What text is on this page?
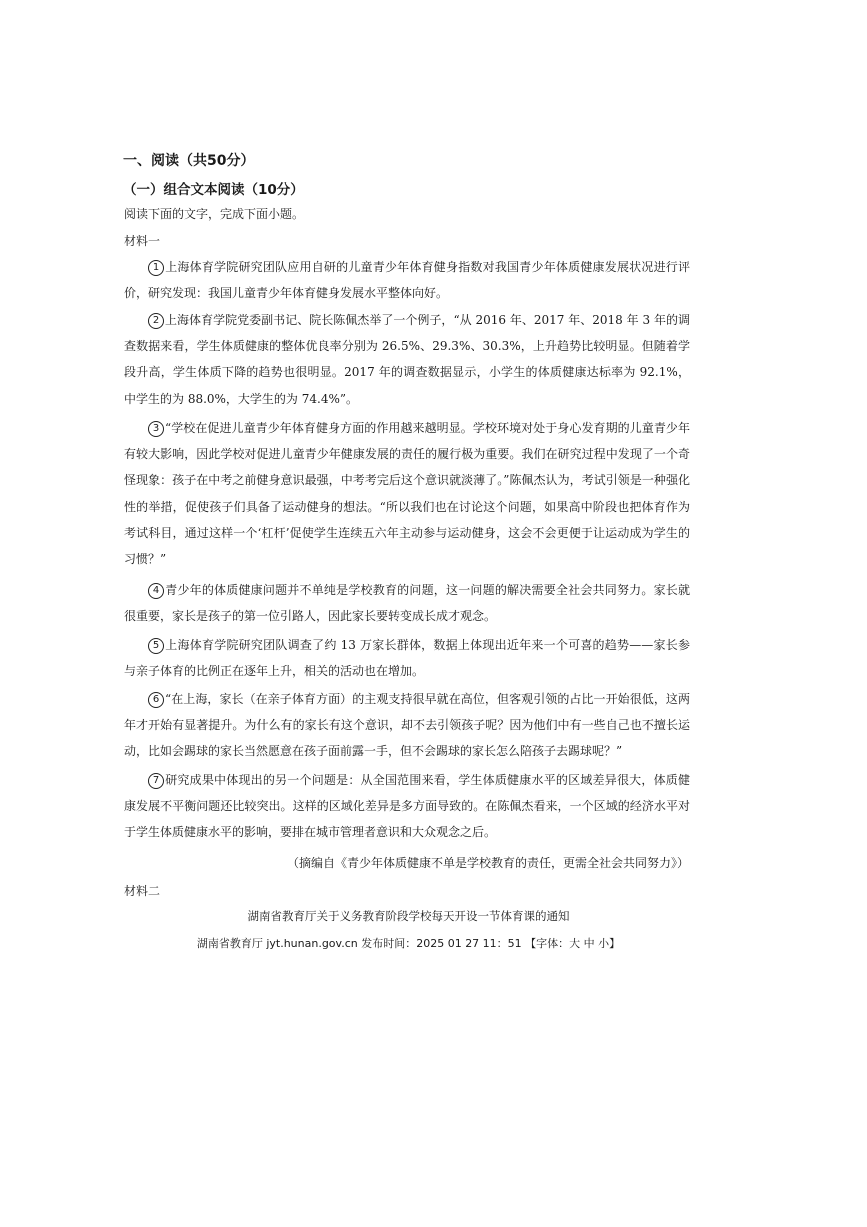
一、阅读（共50分）
（一）组合文本阅读（10分）
阅读下面的文字，完成下面小题。
材料一

1 上海体育学院研究团队应用自研的儿童青少年体育健身指数对我国青少年体质健康发展状况进行评价，研究发现：我国儿童青少年体育健身发展水平整体向好。

2 上海体育学院党委副书记、院长陈佩杰举了一个例子，“从 2016 年、2017 年、2018 年 3 年的调查数据来看，学生体质健康的整体优良率分别为 26.5%、29.3%、30.3%，上升趋势比较明显。但随着学段升高，学生体质下降的趋势也很明显。2017 年的调查数据显示，小学生的体质健康达标率为 92.1%，中学生的为 88.0%，大学生的为 74.4%”。

3 “学校在促进儿童青少年体育健身方面的作用越来越明显。学校环境对处于身心发育期的儿童青少年有较大影响，因此学校对促进儿童青少年健康发展的责任的履行极为重要。我们在研究过程中发现了一个奇怪现象：孩子在中考之前健身意识最强，中考考完后这个意识就淡薄了。”陈佩杰认为，考试引领是一种强化性的举措，促使孩子们具备了运动健身的想法。“所以我们也在讨论这个问题，如果高中阶段也把体育作为考试科目，通过这样一个‘杠杆’促使学生连续五六年主动参与运动健身，这会不会更便于让运动成为学生的习惯？”

4 青少年的体质健康问题并不单纯是学校教育的问题，这一问题的解决需要全社会共同努力。家长就很重要，家长是孩子的第一位引路人，因此家长要转变成长成才观念。

5 上海体育学院研究团队调查了约 13 万家长群体，数据上体现出近年来一个可喜的趋势——家长参与亲子体育的比例正在逐年上升，相关的活动也在增加。

6 “在上海，家长（在亲子体育方面）的主观支持很早就在高位，但客观引领的占比一开始很低，这两年才开始有显著提升。为什么有的家长有这个意识，却不去引领孩子呢？因为他们中有一些自己也不擅长运动，比如会踢球的家长当然愿意在孩子面前露一手，但不会踢球的家长怎么陪孩子去踢球呢？”

7 研究成果中体现出的另一个问题是：从全国范围来看，学生体质健康水平的区域差异很大，体质健康发展不平衡问题还比较突出。这样的区域化差异是多方面导致的。在陈佩杰看来，一个区域的经济水平对于学生体质健康水平的影响，要排在城市管理者意识和大众观念之后。

（摘编自《青少年体质健康不单是学校教育的责任，更需全社会共同努力》）
材料二
湖南省教育厅关于义务教育阶段学校每天开设一节体育课的通知
湖南省教育厅 jyt.hunan.gov.cn 发布时间：2025 01 27 11：51 【字体：大 中 小】
